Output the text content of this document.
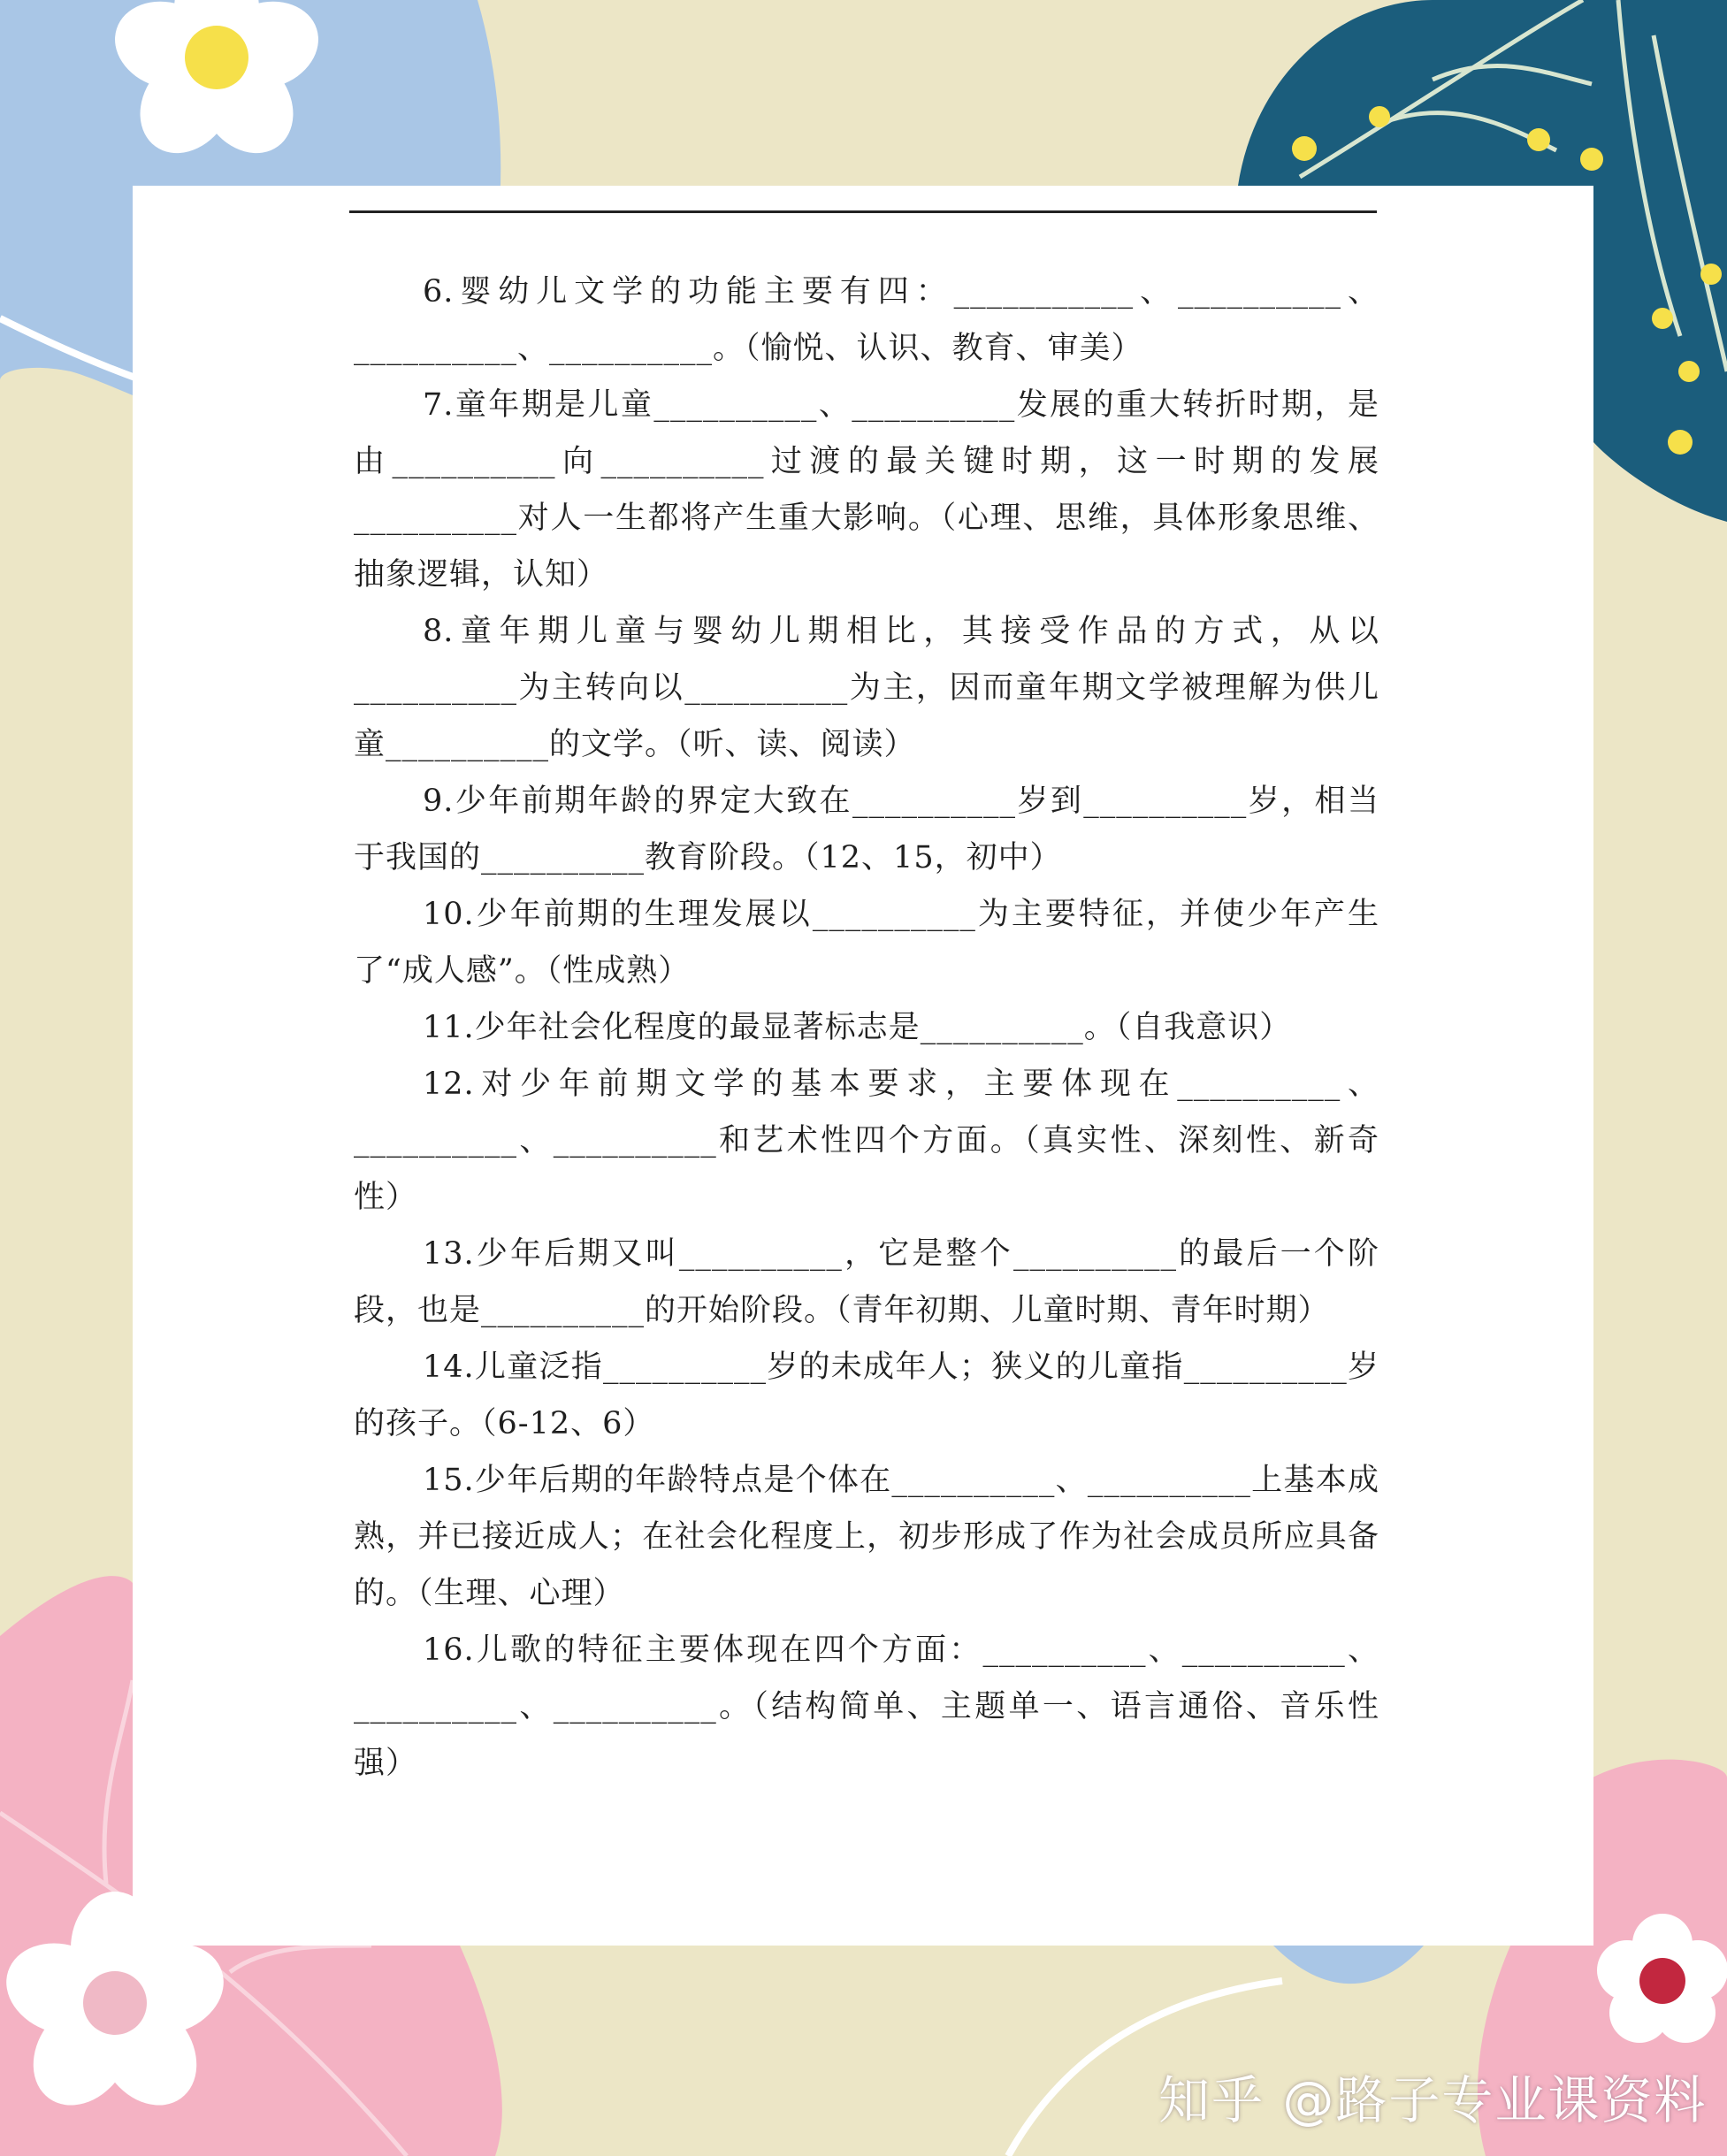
6.婴幼儿文学的功能主要有四：___________、__________、__________、__________。（愉悦、认识、教育、审美）

7.童年期是儿童__________、__________发展的重大转折时期，是由__________向__________过渡的最关键时期，这一时期的发展__________对人一生都将产生重大影响。（心理、思维，具体形象思维、抽象逻辑，认知）

8.童年期儿童与婴幼儿期相比，其接受作品的方式，从以__________为主转向以__________为主，因而童年期文学被理解为供儿童__________的文学。（听、读、阅读）

9.少年前期年龄的界定大致在__________岁到__________岁，相当于我国的__________教育阶段。（12、15，初中）

10.少年前期的生理发展以__________为主要特征，并使少年产生了“成人感”。（性成熟）

11.少年社会化程度的最显著标志是__________。（自我意识）

12.对少年前期文学的基本要求，主要体现在__________、__________、__________和艺术性四个方面。（真实性、深刻性、新奇性）

13.少年后期又叫__________，它是整个__________的最后一个阶段，也是__________的开始阶段。（青年初期、儿童时期、青年时期）

14.儿童泛指__________岁的未成年人；狭义的儿童指__________岁的孩子。（6-12、6）

15.少年后期的年龄特点是个体在__________、__________上基本成熟，并已接近成人；在社会化程度上，初步形成了作为社会成员所应具备的。（生理、心理）

16.儿歌的特征主要体现在四个方面：__________、__________、__________、__________。（结构简单、主题单一、语言通俗、音乐性强）

知乎 @路子专业课资料
